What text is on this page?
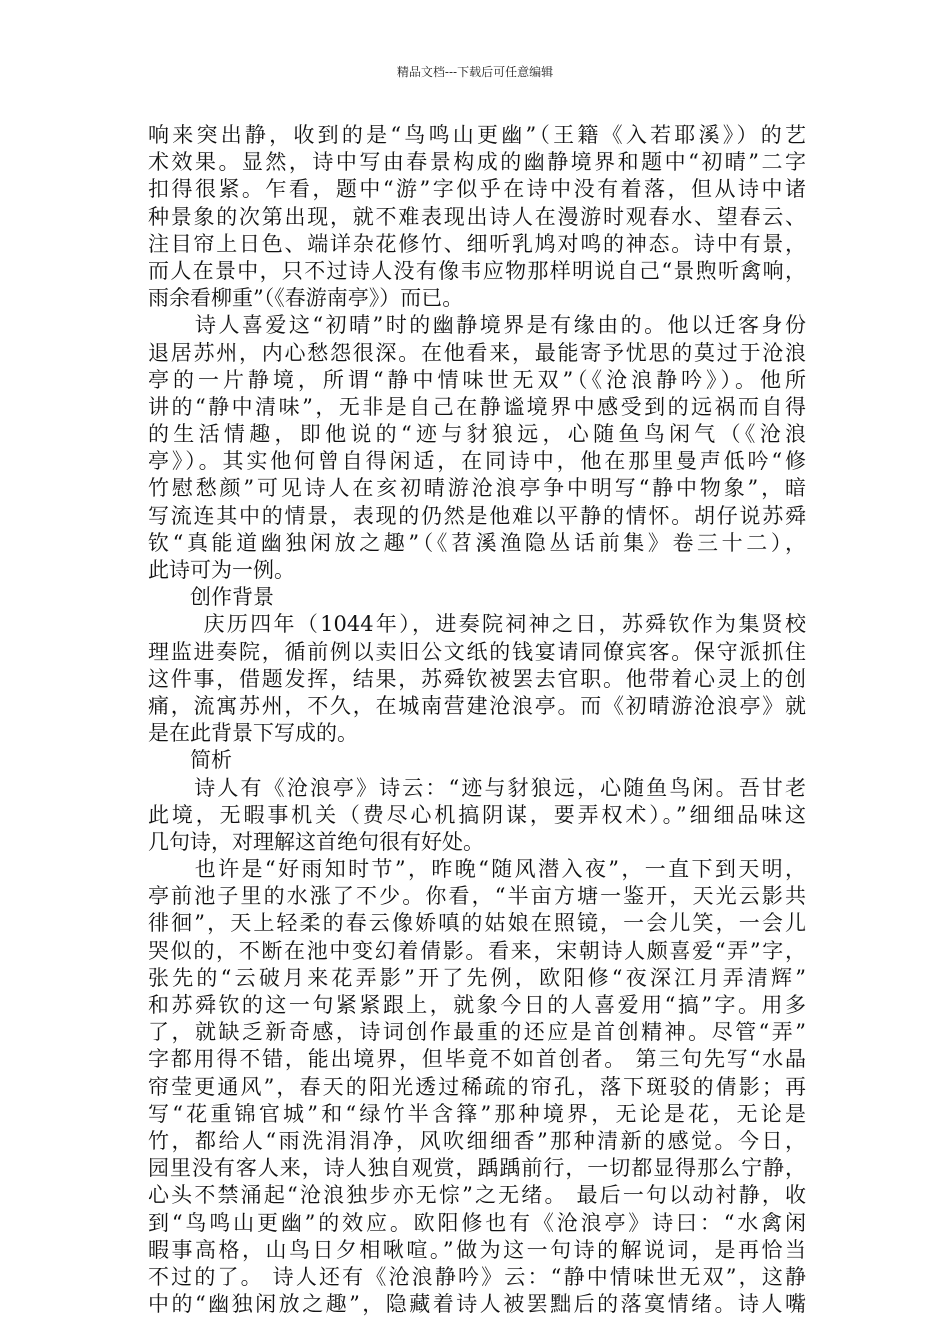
精品文档---下载后可任意编辑
响来突出静，收到的是“鸟鸣山更幽”（王籍《入若耶溪》）的艺
术效果。显然，诗中写由春景构成的幽静境界和题中“初晴”二字
扣得很紧。乍看，题中“游”字似乎在诗中没有着落，但从诗中诸
种景象的次第出现，就不难表现出诗人在漫游时观春水、望春云、
注目帘上日色、端详杂花修竹、细听乳鸠对鸣的神态。诗中有景，
而人在景中，只不过诗人没有像韦应物那样明说自己“景煦听禽响，
雨余看柳重”（《春游南亭》）而已。
　　诗人喜爱这“初晴”时的幽静境界是有缘由的。他以迁客身份
退居苏州，内心愁怨很深。在他看来，最能寄予忧思的莫过于沧浪
亭的一片静境，所谓“静中情味世无双”（《沧浪静吟》）。他所
讲的“静中清味”，无非是自己在静谧境界中感受到的远祸而自得
的生活情趣，即他说的“迹与豺狼远，心随鱼鸟闲气（《沧浪
亭》）。其实他何曾自得闲适，在同诗中，他在那里曼声低吟“修
竹慰愁颜”可见诗人在亥初晴游沧浪亭争中明写“静中物象”，暗
写流连其中的情景，表现的仍然是他难以平静的情怀。胡仔说苏舜
钦“真能道幽独闲放之趣”（《苕溪渔隐丛话前集》卷三十二），
此诗可为一例。
　　创作背景
　　 庆历四年（1044年），进奏院祠神之日，苏舜钦作为集贤校
理监进奏院，循前例以卖旧公文纸的钱宴请同僚宾客。保守派抓住
这件事，借题发挥，结果，苏舜钦被罢去官职。他带着心灵上的创
痛，流寓苏州，不久，在城南营建沧浪亭。而《初晴游沧浪亭》就
是在此背景下写成的。
　　简析
　　诗人有《沧浪亭》诗云：“迹与豺狼远，心随鱼鸟闲。吾甘老
此境，无暇事机关（费尽心机搞阴谋，要弄权术）。”细细品味这
几句诗，对理解这首绝句很有好处。
　　也许是“好雨知时节”，昨晚“随风潜入夜”，一直下到天明，
亭前池子里的水涨了不少。你看，“半亩方塘一鉴开，天光云影共
徘徊”，天上轻柔的春云像娇嗔的姑娘在照镜，一会儿笑，一会儿
哭似的，不断在池中变幻着倩影。看来，宋朝诗人颇喜爱“弄”字，
张先的“云破月来花弄影”开了先例，欧阳修“夜深江月弄清辉”
和苏舜钦的这一句紧紧跟上，就象今日的人喜爱用“搞”字。用多
了，就缺乏新奇感，诗词创作最重的还应是首创精神。尽管“弄”
字都用得不错，能出境界，但毕竟不如首创者。 第三句先写“水晶
帘莹更通风”，春天的阳光透过稀疏的帘孔，落下斑驳的倩影；再
写“花重锦官城”和“绿竹半含箨”那种境界，无论是花，无论是
竹，都给人“雨洗涓涓净，风吹细细香”那种清新的感觉。今日，
园里没有客人来，诗人独自观赏，踽踽前行，一切都显得那么宁静，
心头不禁涌起“沧浪独步亦无悰”之无绪。 最后一句以动衬静，收
到“鸟鸣山更幽”的效应。欧阳修也有《沧浪亭》诗曰：“水禽闲
暇事高格，山鸟日夕相啾喧。”做为这一句诗的解说词，是再恰当
不过的了。 诗人还有《沧浪静吟》云：“静中情味世无双”，这静
中的“幽独闲放之趣”，隐藏着诗人被罢黜后的落寞情绪。诗人嘴
